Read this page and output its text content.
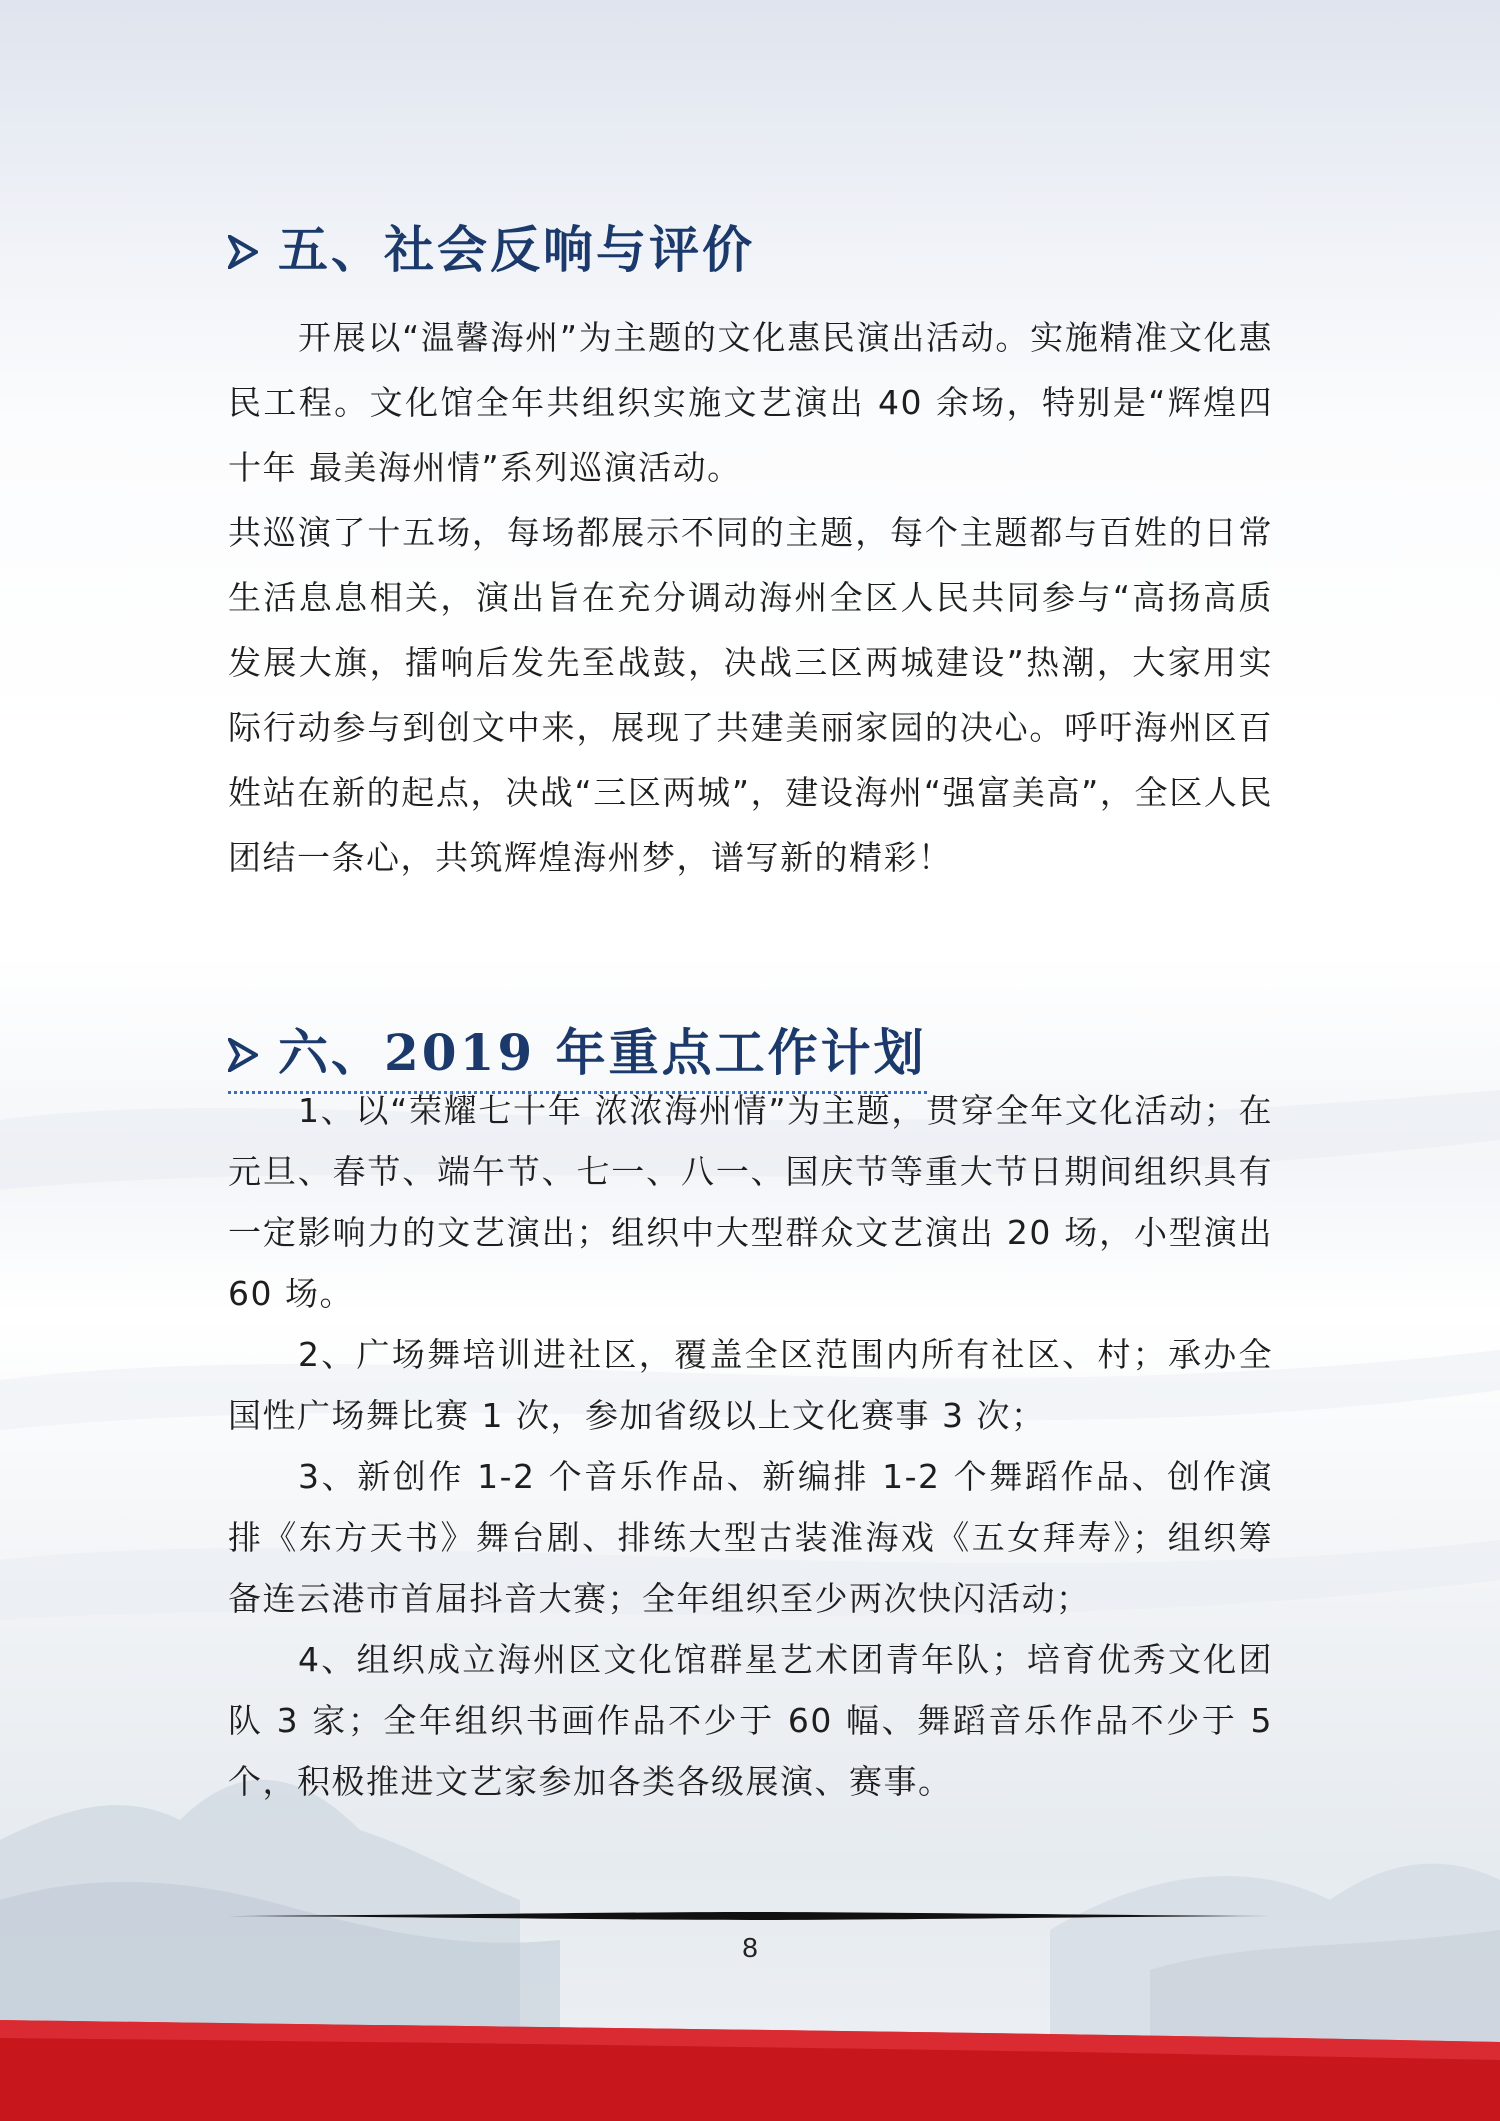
五、社会反响与评价

开展以“温馨海州”为主题的文化惠民演出活动。实施精准文化惠民工程。文化馆全年共组织实施文艺演出 40 余场，特别是“辉煌四十年 最美海州情”系列巡演活动。

共巡演了十五场，每场都展示不同的主题，每个主题都与百姓的日常生活息息相关，演出旨在充分调动海州全区人民共同参与“高扬高质发展大旗，擂响后发先至战鼓，决战三区两城建设”热潮，大家用实际行动参与到创文中来，展现了共建美丽家园的决心。呼吁海州区百姓站在新的起点，决战“三区两城”，建设海州“强富美高”，全区人民团结一条心，共筑辉煌海州梦，谱写新的精彩！

六、2019 年重点工作计划

1、以“荣耀七十年 浓浓海州情”为主题，贯穿全年文化活动；在元旦、春节、端午节、七一、八一、国庆节等重大节日期间组织具有一定影响力的文艺演出；组织中大型群众文艺演出 20 场，小型演出 60 场。

2、广场舞培训进社区，覆盖全区范围内所有社区、村；承办全国性广场舞比赛 1 次，参加省级以上文化赛事 3 次；

3、新创作 1-2 个音乐作品、新编排 1-2 个舞蹈作品、创作演排《东方天书》舞台剧、排练大型古装淮海戏《五女拜寿》；组织筹备连云港市首届抖音大赛；全年组织至少两次快闪活动；

4、组织成立海州区文化馆群星艺术团青年队；培育优秀文化团队 3 家；全年组织书画作品不少于 60 幅、舞蹈音乐作品不少于 5 个，积极推进文艺家参加各类各级展演、赛事。

8
